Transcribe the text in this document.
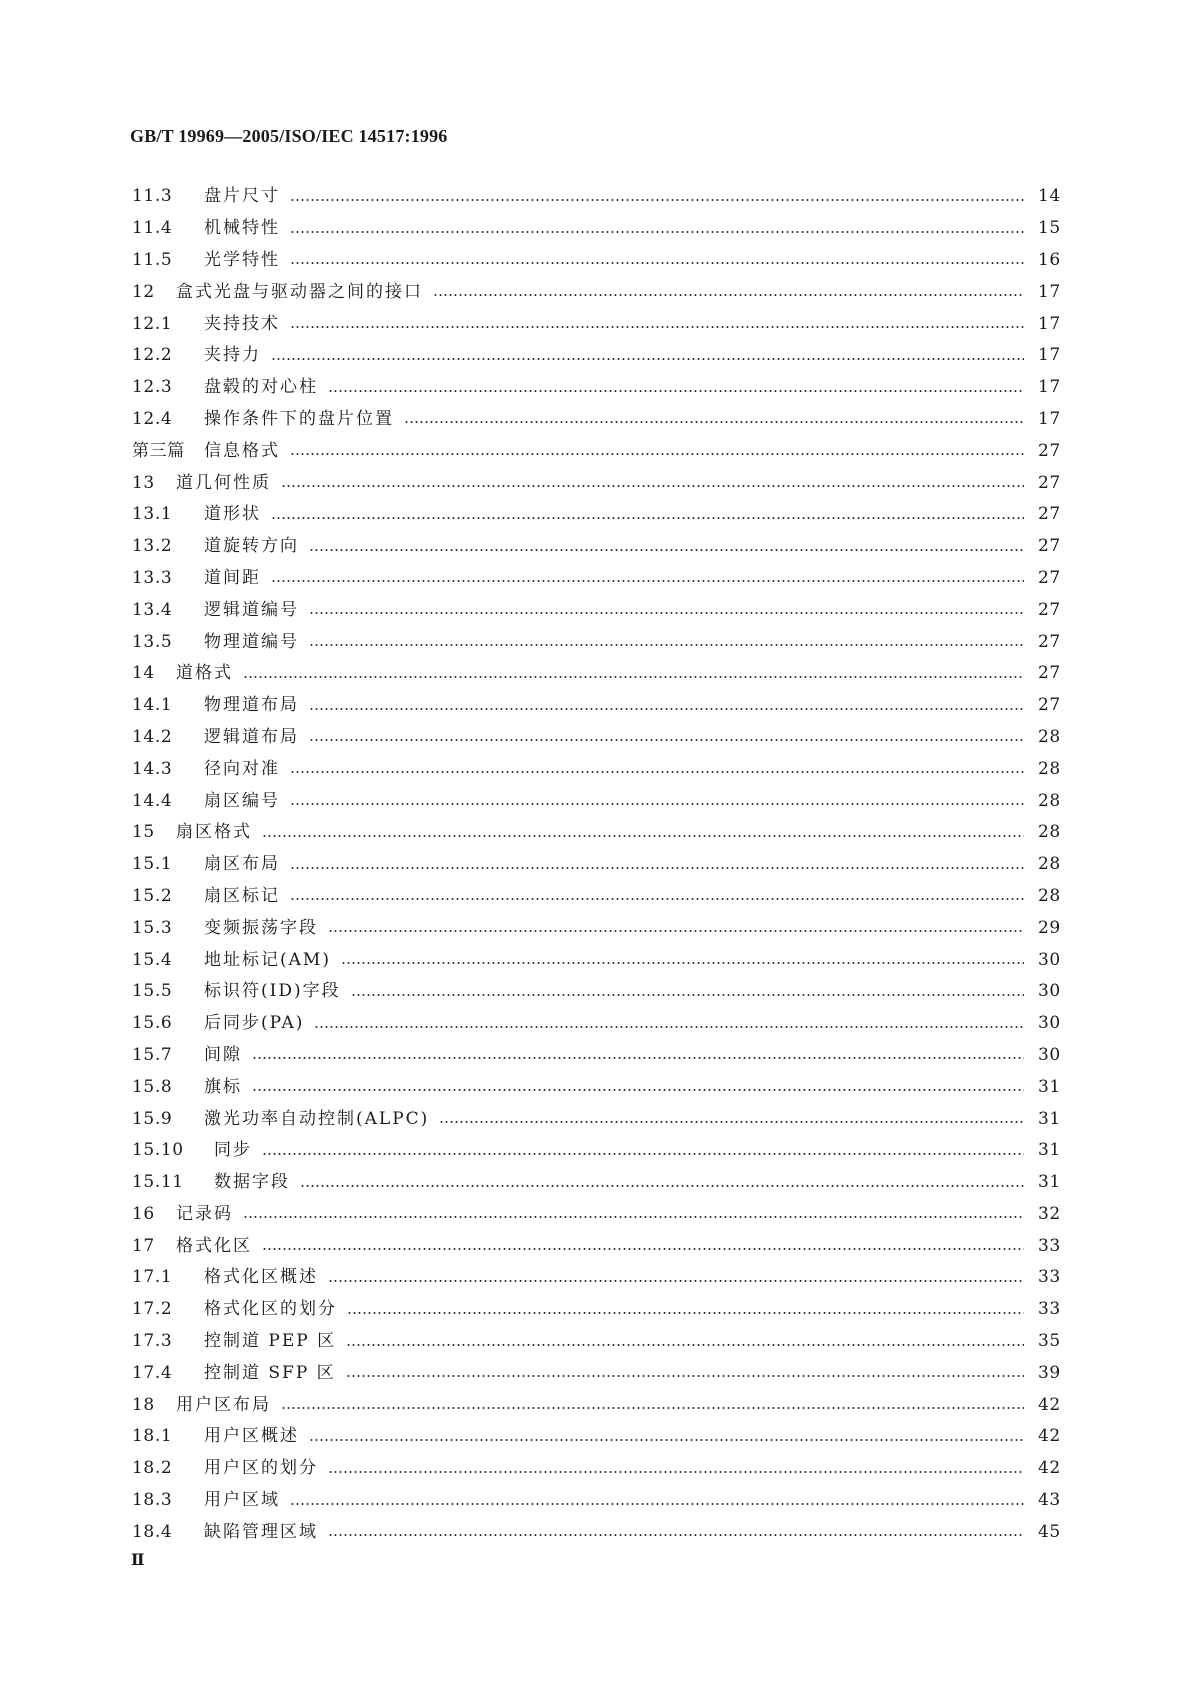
GB/T 19969—2005/ISO/IEC 14517:1996
11.3	盘片尺寸	14
11.4	机械特性	15
11.5	光学特性	16
12	盒式光盘与驱动器之间的接口	17
12.1	夹持技术	17
12.2	夹持力	17
12.3	盘毂的对心柱	17
12.4	操作条件下的盘片位置	17
第三篇	信息格式	27
13	道几何性质	27
13.1	道形状	27
13.2	道旋转方向	27
13.3	道间距	27
13.4	逻辑道编号	27
13.5	物理道编号	27
14	道格式	27
14.1	物理道布局	27
14.2	逻辑道布局	28
14.3	径向对准	28
14.4	扇区编号	28
15	扇区格式	28
15.1	扇区布局	28
15.2	扇区标记	28
15.3	变频振荡字段	29
15.4	地址标记(AM)	30
15.5	标识符(ID)字段	30
15.6	后同步(PA)	30
15.7	间隙	30
15.8	旗标	31
15.9	激光功率自动控制(ALPC)	31
15.10	同步	31
15.11	数据字段	31
16	记录码	32
17	格式化区	33
17.1	格式化区概述	33
17.2	格式化区的划分	33
17.3	控制道 PEP 区	35
17.4	控制道 SFP 区	39
18	用户区布局	42
18.1	用户区概述	42
18.2	用户区的划分	42
18.3	用户区域	43
18.4	缺陷管理区域	45
Ⅱ
